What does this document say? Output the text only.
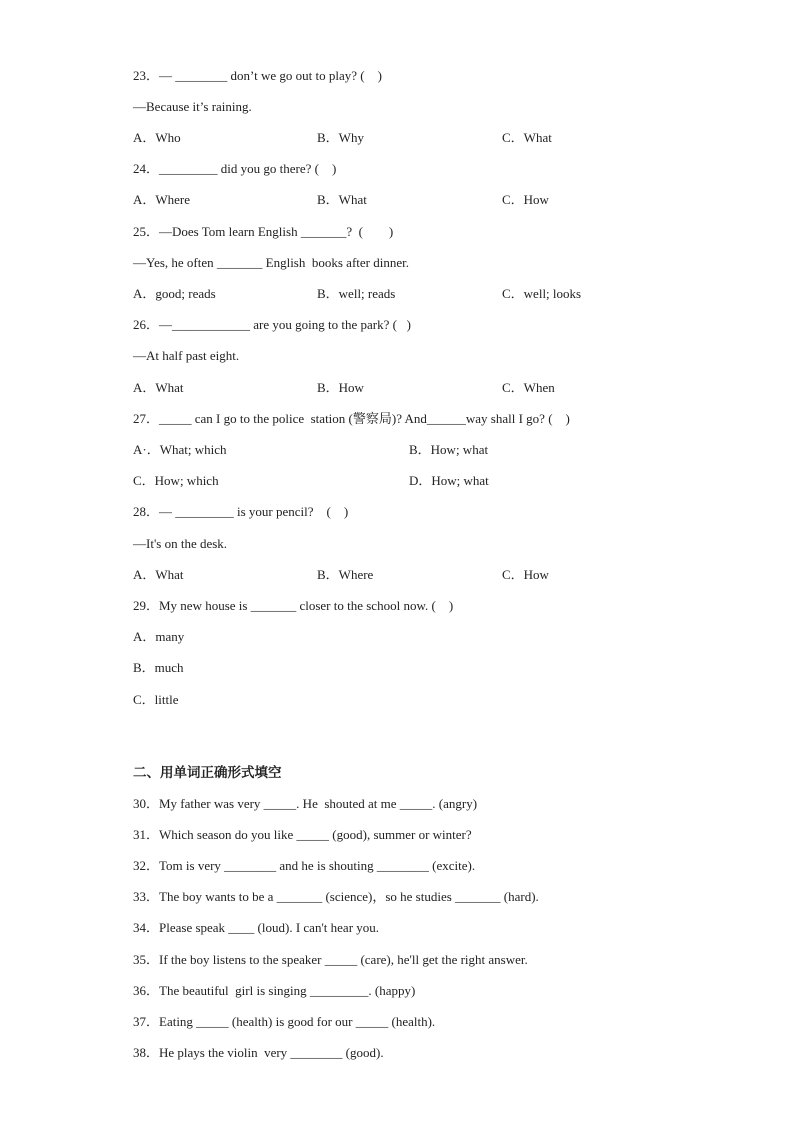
23．— ________ don’t we go out to play? (    )
—Because it’s raining.
A．Who	B．Why	C．What
24．_________ did you go there? (    )
A．Where	B．What	C．How
25．—Does Tom learn English _______?  (        )
—Yes, he often _______ English  books after dinner.
A．good; reads	B．well; reads	C．well; looks
26．—____________ are you going to the park? (   )
—At half past eight.
A．What	B．How	C．When
27．_____ can I go to the police  station (警察局)? And______way shall I go? (    )
A·．What; which	B．How; what
C．How; which	D．How; what
28．— _________ is your pencil?    (    )
—It's on the desk.
A．What	B．Where	C．How
29．My new house is _______ closer to the school now. (    )
A．many
B．much
C．little
二、用单词正确形式填空
30．My father was very _____. He  shouted at me _____. (angry)
31．Which season do you like _____ (good), summer or winter?
32．Tom is very ________ and he is shouting ________ (excite).
33．The boy wants to be a _______ (science)，so he studies _______ (hard).
34．Please speak ____ (loud). I can't hear you.
35．If the boy listens to the speaker _____ (care), he'll get the right answer.
36．The beautiful  girl is singing _________. (happy)
37．Eating _____ (health) is good for our _____ (health).
38．He plays the violin  very ________ (good).
